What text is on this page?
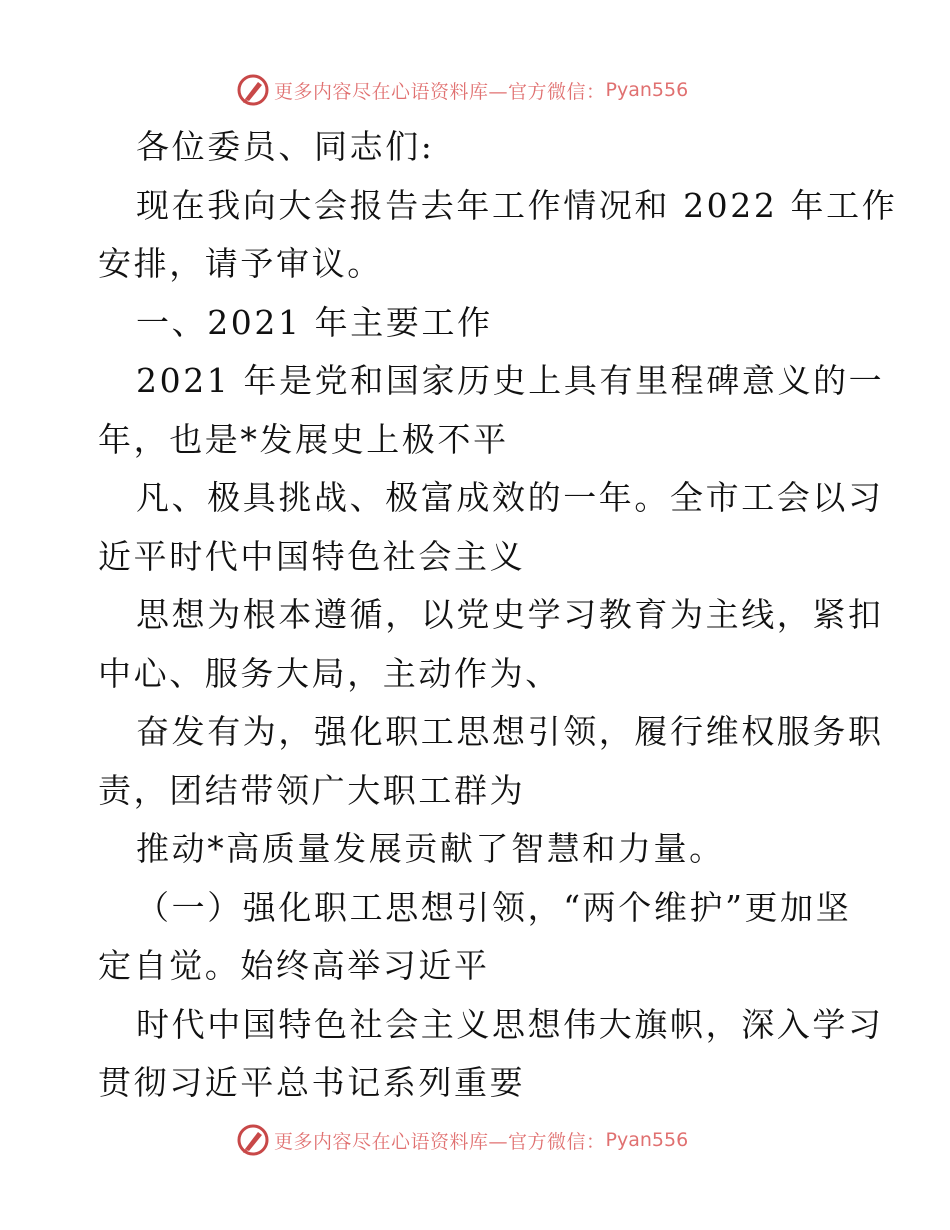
更多内容尽在心语资料库—官方微信： Pyan556
各位委员、同志们:
现在我向大会报告去年工作情况和 2022 年工作
安排，请予审议。
一、2021 年主要工作
2021 年是党和国家历史上具有里程碑意义的一
年，也是*发展史上极不平
凡、极具挑战、极富成效的一年。全市工会以习
近平时代中国特色社会主义
思想为根本遵循，以党史学习教育为主线，紧扣
中心、服务大局，主动作为、
奋发有为，强化职工思想引领，履行维权服务职
责，团结带领广大职工群为
推动*高质量发展贡献了智慧和力量。
（一）强化职工思想引领，“两个维护”更加坚
定自觉。始终高举习近平
时代中国特色社会主义思想伟大旗帜，深入学习
贯彻习近平总书记系列重要
更多内容尽在心语资料库—官方微信： Pyan556
